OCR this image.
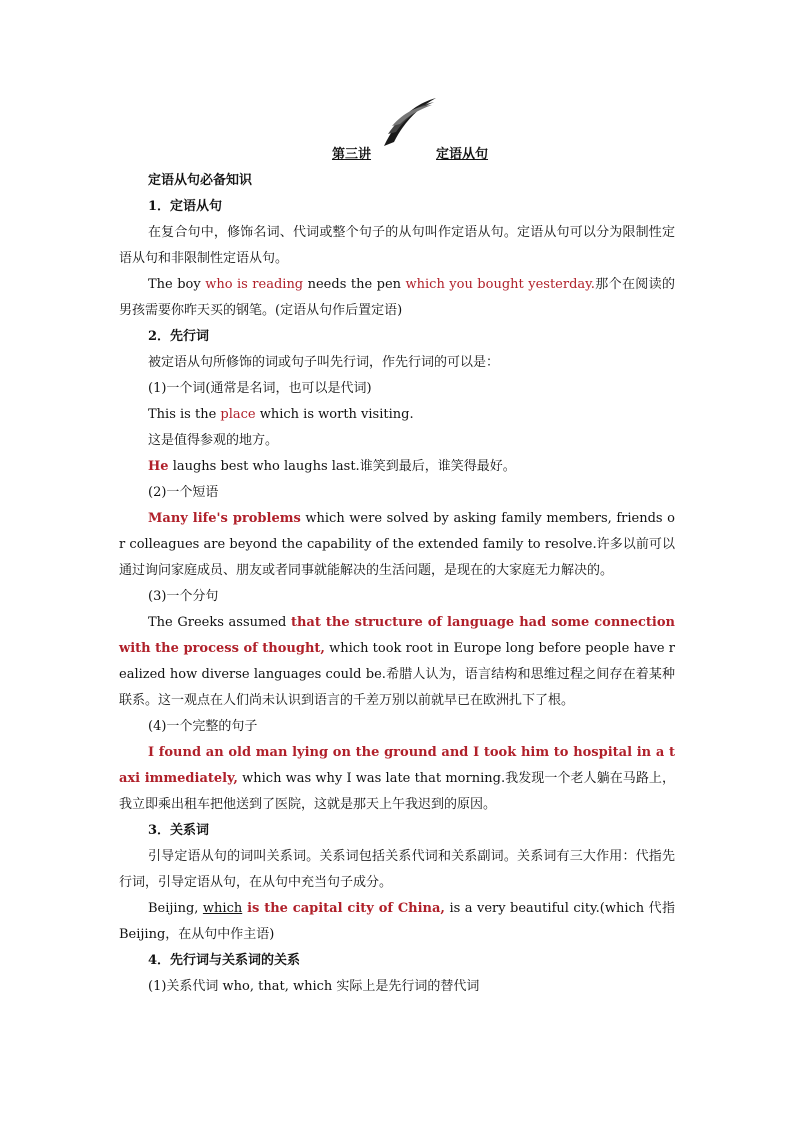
第三讲	定语从句

定语从句必备知识

1．定语从句

在复合句中，修饰名词、代词或整个句子的从句叫作定语从句。定语从句可以分为限制性定语从句和非限制性定语从句。

The boy who is reading needs the pen which you bought yesterday.那个在阅读的男孩需要你昨天买的钢笔。(定语从句作后置定语)

2．先行词

被定语从句所修饰的词或句子叫先行词，作先行词的可以是：

(1)一个词(通常是名词，也可以是代词)

This is the place which is worth visiting.

这是值得参观的地方。

He laughs best who laughs last.谁笑到最后，谁笑得最好。

(2)一个短语

Many life's problems which were solved by asking family members, friends or colleagues are beyond the capability of the extended family to resolve.许多以前可以通过询问家庭成员、朋友或者同事就能解决的生活问题，是现在的大家庭无力解决的。

(3)一个分句

The Greeks assumed that the structure of language had some connection with the process of thought, which took root in Europe long before people have realized how diverse languages could be.希腊人认为，语言结构和思维过程之间存在着某种联系。这一观点在人们尚未认识到语言的千差万别以前就早已在欧洲扎下了根。

(4)一个完整的句子

I found an old man lying on the ground and I took him to hospital in a taxi immediately, which was why I was late that morning.我发现一个老人躺在马路上，我立即乘出租车把他送到了医院，这就是那天上午我迟到的原因。

3．关系词

引导定语从句的词叫关系词。关系词包括关系代词和关系副词。关系词有三大作用：代指先行词，引导定语从句，在从句中充当句子成分。

Beijing, which is the capital city of China, is a very beautiful city.(which 代指 Beijing，在从句中作主语)

4．先行词与关系词的关系

(1)关系代词 who, that, which 实际上是先行词的替代词
